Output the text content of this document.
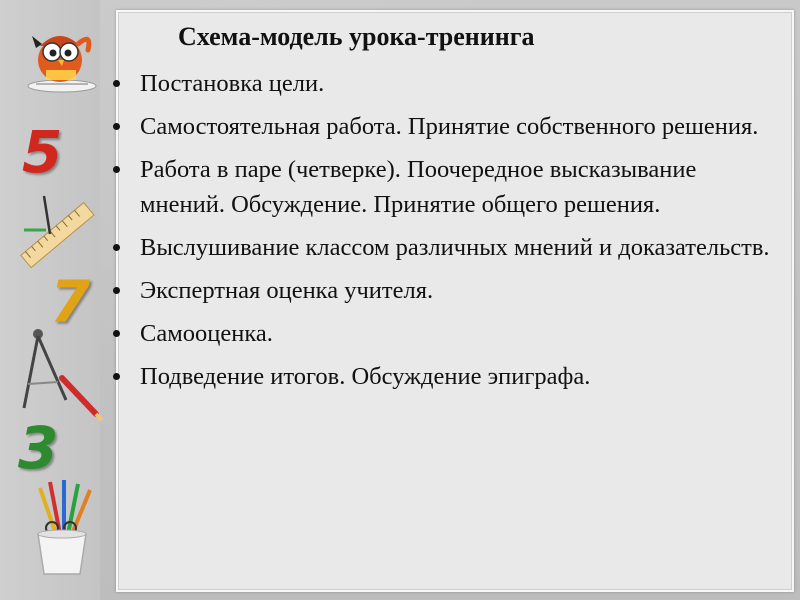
5
7
3
Схема-модель урока-тренинга
Постановка цели.
Самостоятельная работа. Принятие собственного решения.
Работа в паре (четверке). Поочередное высказывание мнений. Обсуждение. Принятие общего решения.
Выслушивание классом различных мнений и доказательств.
Экспертная оценка учителя.
Самооценка.
Подведение итогов. Обсуждение эпиграфа.
